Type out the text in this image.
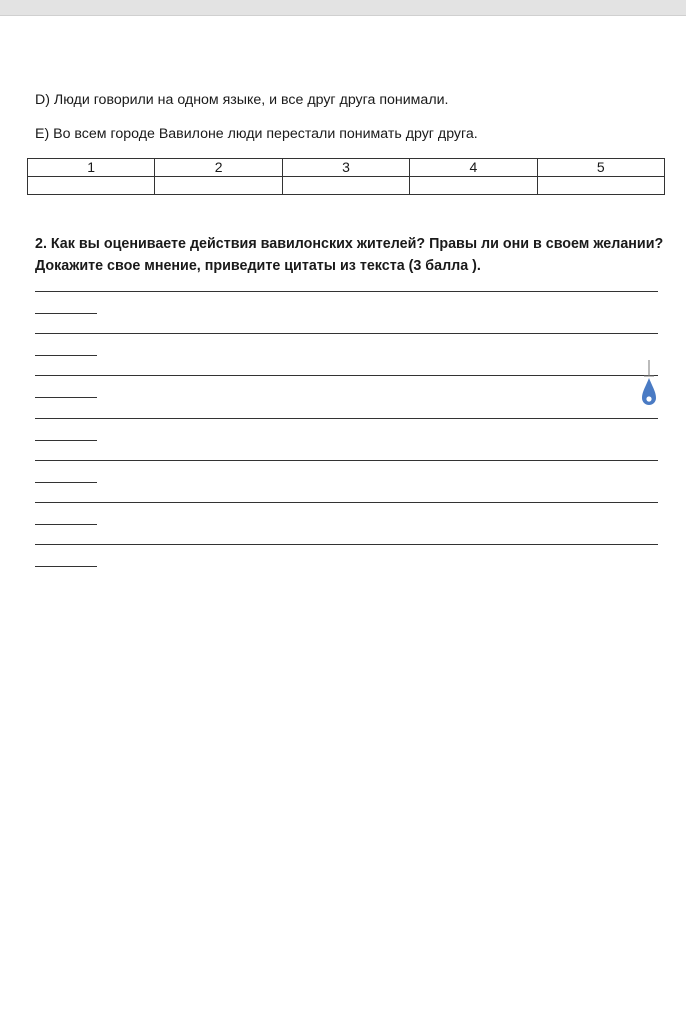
D) Люди говорили на одном языке, и все друг друга понимали.
E) Во всем городе Вавилоне люди перестали понимать друг друга.
1	2	3	4	5

2. Как вы оцениваете действия вавилонских жителей? Правы ли они в своем желании? Докажите свое мнение, приведите цитаты из текста (3 балла ).
